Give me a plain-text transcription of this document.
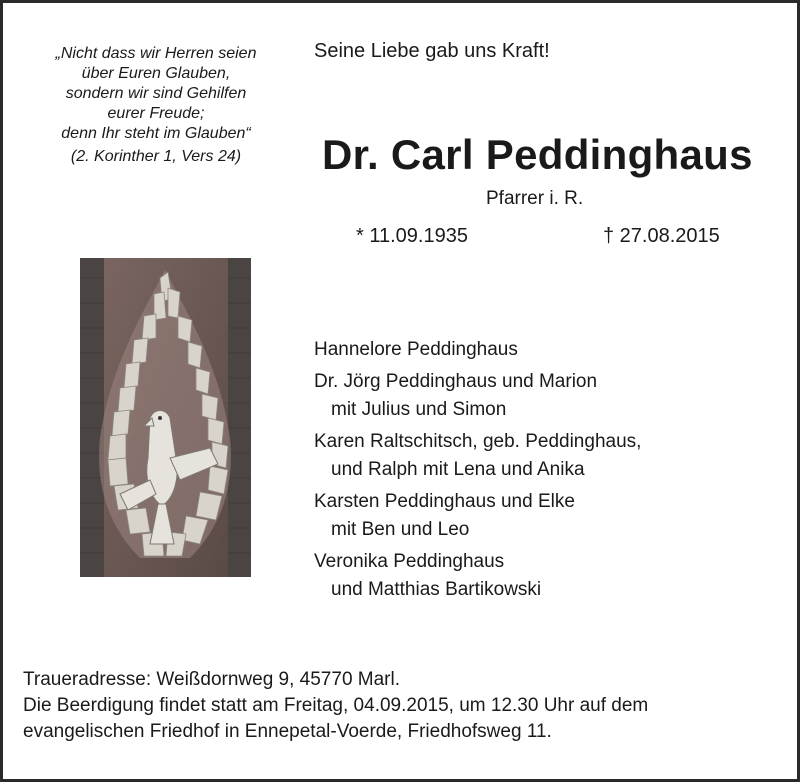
„Nicht dass wir Herren seien
über Euren Glauben,
sondern wir sind Gehilfen
eurer Freude;
denn Ihr steht im Glauben“
(2. Korinther 1, Vers 24)
Seine Liebe gab uns Kraft!
Dr. Carl Peddinghaus
Pfarrer i. R.
* 11.09.1935	† 27.08.2015
Hannelore Peddinghaus
Dr. Jörg Peddinghaus und Marion
mit Julius und Simon
Karen Raltschitsch, geb. Peddinghaus,
und Ralph mit Lena und Anika
Karsten Peddinghaus und Elke
mit Ben und Leo
Veronika Peddinghaus
und Matthias Bartikowski
Traueradresse: Weißdornweg 9, 45770 Marl.
Die Beerdigung findet statt am Freitag, 04.09.2015, um 12.30 Uhr auf dem
evangelischen Friedhof in Ennepetal-Voerde, Friedhofsweg 11.
